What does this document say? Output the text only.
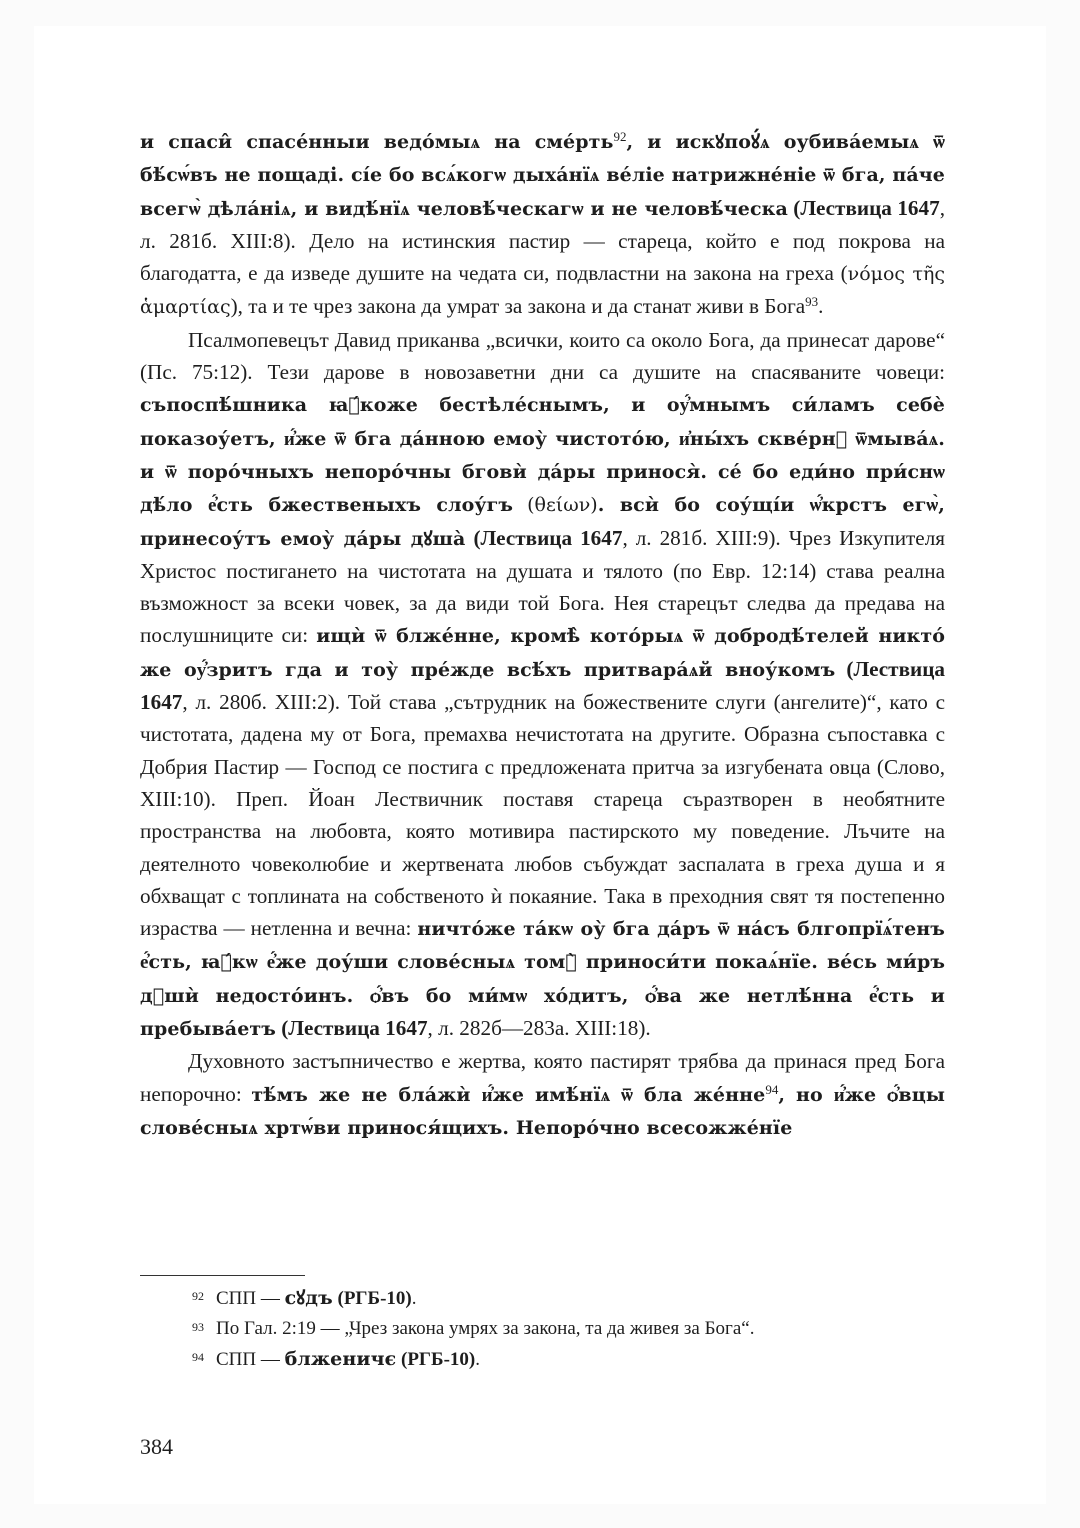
и спаси̂ спасе́нныи ведо́мыѧ на сме́рть$^{92}$, и искꙋпоꙋ́ѧ оубива́емыѧ ѿ бѣ́сѡ́въ не пощаді. сі́е бо всѧ́когѡ дыха́нїѧ ве́ліе натрижне́ніе ѿ бга, па́че всегѡ̀ дѣла́ніѧ, и видѣ́нїѧ человѣ́ческагѡ и не человѣ́ческа (Лествица 1647, л. 281б. XIII:8). Дело на истинския пастир — стареца, който е под покрова на благодатта, е да изведе душите на чедата си, подвластни на закона на греха (νόμος τῆς ἁμαρτίας), та и те чрез закона да умрат за закона и да станат живи в Бога$^{93}$.

Псалмопевецът Давид приканва „всички, които са около Бога, да принесат дарове“ (Пс. 75:12). Тези дарове в новозаветни дни са душите на спасяваните човеци: съпоспѣ́шника ꙗ҆́коже бестѣле́снымъ, и оу҆́мнымъ си́ламъ себѐ показоу́етъ, и҆́же ѿ бга да́нною емоу̀ чистото́ю, и҆ны́хъ скве́рнꙋ ѿмыва́ѧ. и ѿ поро́чныхъ непоро́чны бговѝ да́ры принося̀. се́ бо еди́но при́снѡ дѣ́ло е҆́сть бжественыхъ слоу́гъ (θείων). всѝ бо соу́щі́и ѡ҆́крстъ егѡ̀, принесоу́тъ емоу̀ да́ры дꙋша̀ (Лествица 1647, л. 281б. XIII:9). Чрез Изкупителя Христос постигането на чистотата на душата и тялото (по Евр. 12:14) става реална възможност за всеки човек, за да види той Бога. Нея старецът следва да предава на послушниците си: ищѝ ѿ блже́нне, кромѣ̀ кото́рыѧ ѿ добродѣ́телей никто́ же оу҆́зритъ гда и тоу̀ пре́жде всѣ́хъ притвара́ѧй вноу́комъ (Лествица 1647, л. 280б. XIII:2). Той става „сътрудник на божествените слуги (ангелите)“, като с чистотата, дадена му от Бога, премахва нечистотата на другите. Образна съпоставка с Добрия Пастир — Господ се постига с предложената притча за изгубената овца (Слово, XIII:10). Преп. Йоан Лествичник поставя стареца съразтворен в необятните пространства на любовта, която мотивира пастирското му поведение. Лъчите на деятелното човеколюбие и жертвената любов събуждат заспалата в греха душа и я обхващат с топлината на собственото ѝ покаяние. Така в преходния свят тя постепенно израства — нетленна и вечна: ничто́же та́кѡ оу̀ бга да́ръ ѿ на́съ блгопрїѧ́тенъ е҆́сть, ꙗ҆́кѡ е҆́же доу́ши слове́сныѧ томꙋ̀ приноси́ти покаѧ́нїе. ве́сь ми́ръ дꙋшѝ недосто́инъ. ѻ҆́въ бо ми́мѡ хо́дитъ, ѻ҆́ва же нетлѣ́нна е҆́сть и пребыва́етъ (Лествица 1647, л. 282б—283а. XIII:18).

Духовното застъпничество е жертва, която пастирят трябва да принася пред Бога непорочно: тѣ́мъ же не бла́жѝ и҆́же имѣ́нїѧ ѿ бла же́нне$^{94}$, но и҆́же ѻ҆́вцы слове́сныѧ хртѡ́ви принося́щихъ. Непоро́чно всесожже́нїе

92 СПП — сꙋдъ (РГБ-10).

93 По Гал. 2:19 — „Чрез закона умрях за закона, та да живея за Бога“.

94 СПП — блженичє (РГБ-10).

384
